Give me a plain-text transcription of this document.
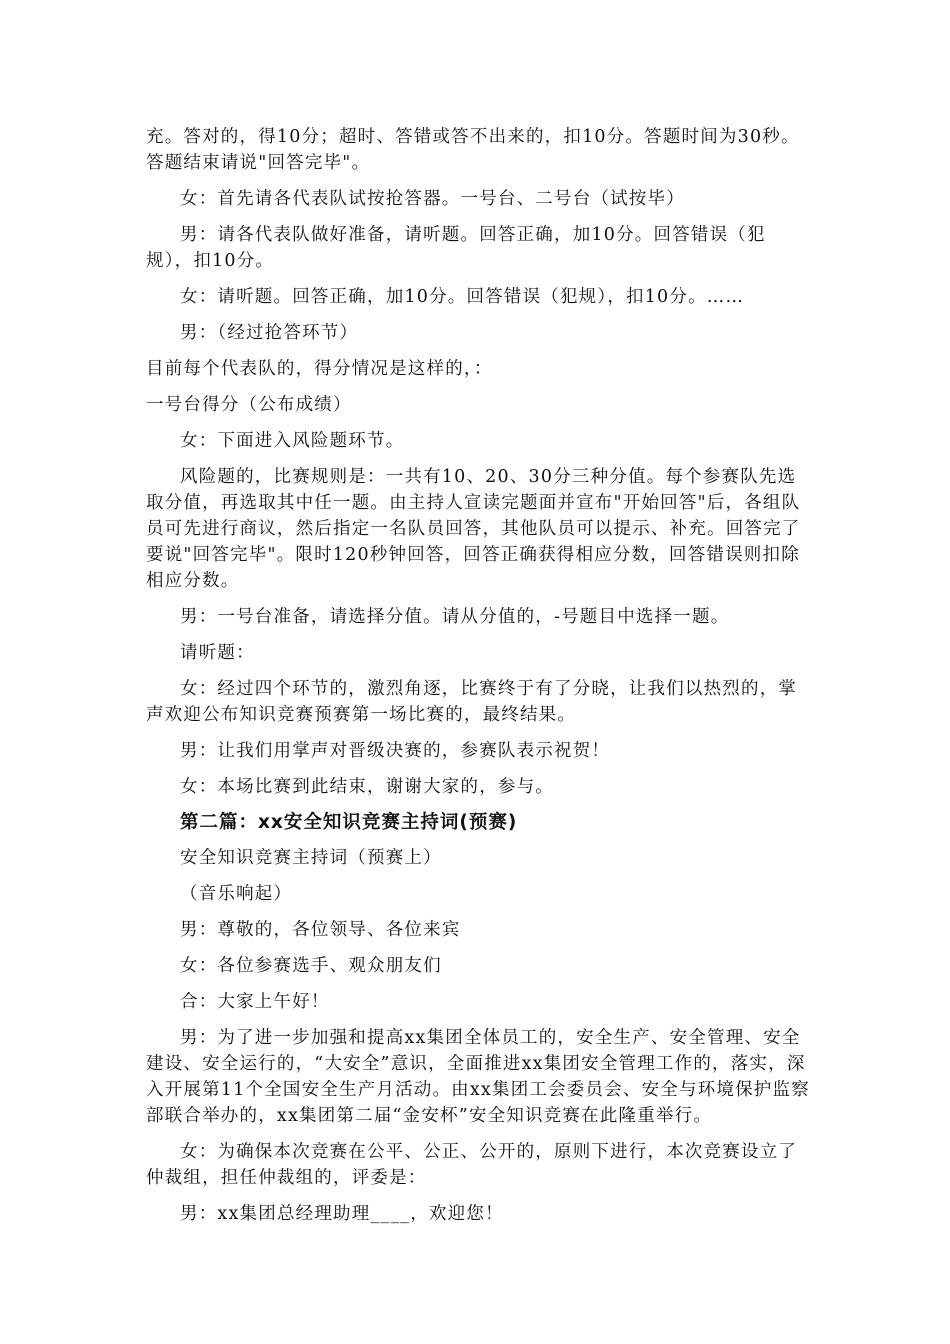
充。答对的，得10分；超时、答错或答不出来的，扣10分。答题时间为30秒。答题结束请说"回答完毕"。

女：首先请各代表队试按抢答器。一号台、二号台（试按毕）

男：请各代表队做好准备，请听题。回答正确，加10分。回答错误（犯规），扣10分。

女：请听题。回答正确，加10分。回答错误（犯规），扣10分。……

男：（经过抢答环节）

目前每个代表队的，得分情况是这样的，：

一号台得分（公布成绩）

女：下面进入风险题环节。

风险题的，比赛规则是：一共有10、20、30分三种分值。每个参赛队先选取分值，再选取其中任一题。由主持人宣读完题面并宣布"开始回答"后，各组队员可先进行商议，然后指定一名队员回答，其他队员可以提示、补充。回答完了要说"回答完毕"。限时120秒钟回答，回答正确获得相应分数，回答错误则扣除相应分数。

男：一号台准备，请选择分值。请从分值的，-号题目中选择一题。

请听题：

女：经过四个环节的，激烈角逐，比赛终于有了分晓，让我们以热烈的，掌声欢迎公布知识竞赛预赛第一场比赛的，最终结果。

男：让我们用掌声对晋级决赛的，参赛队表示祝贺！

女：本场比赛到此结束，谢谢大家的，参与。

第二篇：xx安全知识竞赛主持词(预赛)

安全知识竞赛主持词（预赛上）

（音乐响起）

男：尊敬的，各位领导、各位来宾

女：各位参赛选手、观众朋友们

合：大家上午好！

男：为了进一步加强和提高xx集团全体员工的，安全生产、安全管理、安全建设、安全运行的，“大安全”意识，全面推进xx集团安全管理工作的，落实，深入开展第11个全国安全生产月活动。由xx集团工会委员会、安全与环境保护监察部联合举办的，xx集团第二届“金安杯”安全知识竞赛在此隆重举行。

女：为确保本次竞赛在公平、公正、公开的，原则下进行，本次竞赛设立了仲裁组，担任仲裁组的，评委是：

男：xx集团总经理助理____，欢迎您！
